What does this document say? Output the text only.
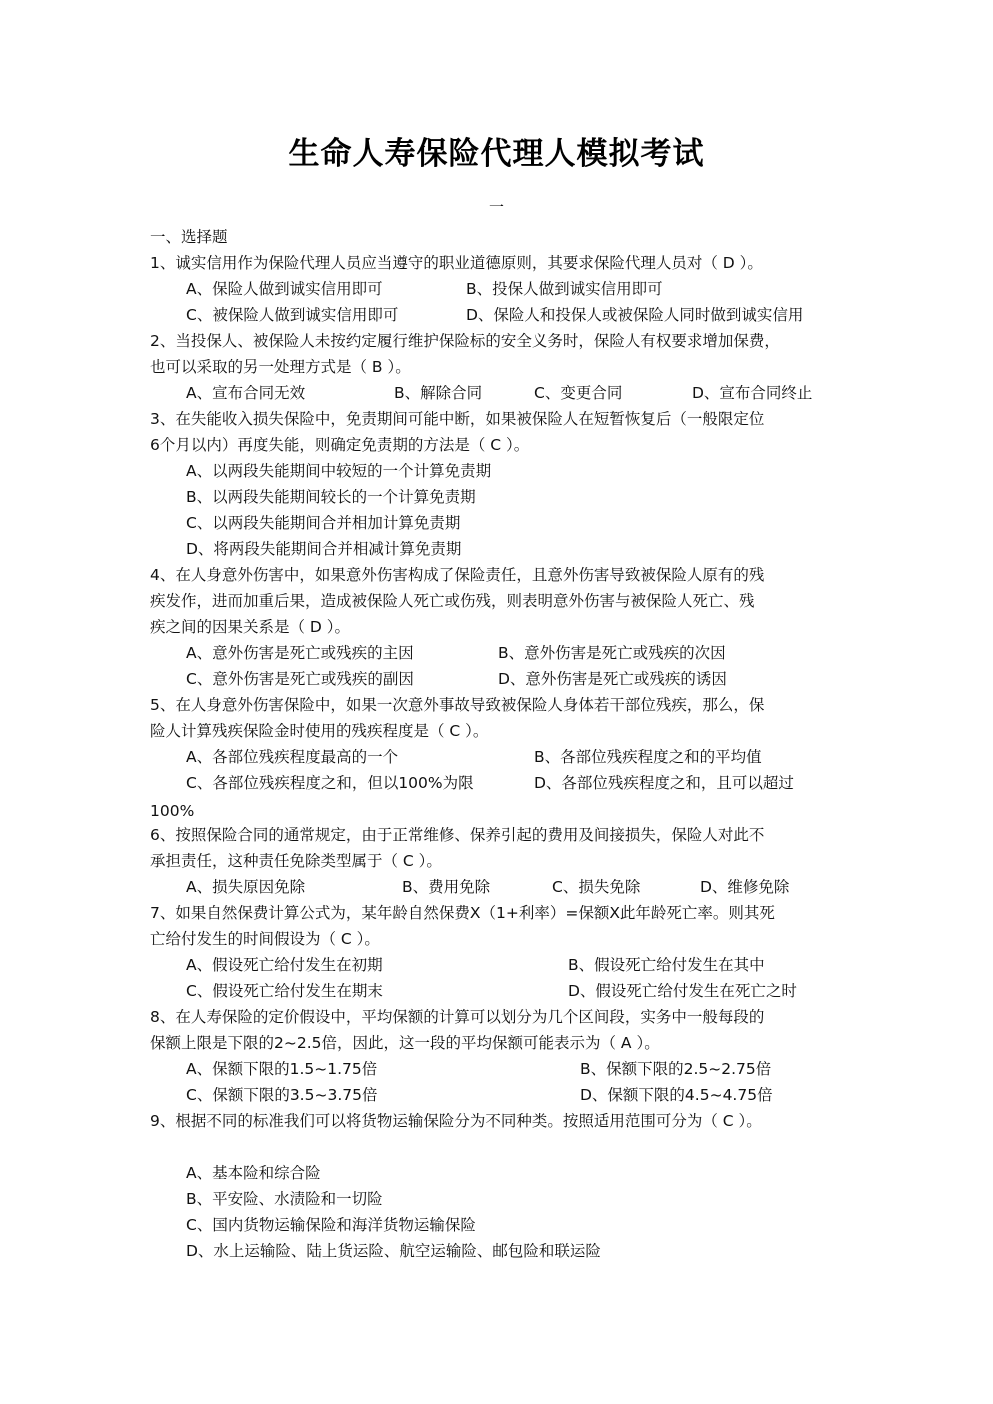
生命人寿保险代理人模拟考试
一
一、选择题
1、诚实信用作为保险代理人员应当遵守的职业道德原则，其要求保险代理人员对（ D ）。
A、保险人做到诚实信用即可	B、投保人做到诚实信用即可
C、被保险人做到诚实信用即可	D、保险人和投保人或被保险人同时做到诚实信用
2、当投保人、被保险人未按约定履行维护保险标的安全义务时，保险人有权要求增加保费，
也可以采取的另一处理方式是（ B ）。
A、宣布合同无效	B、解除合同	C、变更合同	D、宣布合同终止
3、在失能收入损失保险中，免责期间可能中断，如果被保险人在短暂恢复后（一般限定位
6个月以内）再度失能，则确定免责期的方法是（ C ）。
A、以两段失能期间中较短的一个计算免责期
B、以两段失能期间较长的一个计算免责期
C、以两段失能期间合并相加计算免责期
D、将两段失能期间合并相减计算免责期
4、在人身意外伤害中，如果意外伤害构成了保险责任，且意外伤害导致被保险人原有的残
疾发作，进而加重后果，造成被保险人死亡或伤残，则表明意外伤害与被保险人死亡、残
疾之间的因果关系是（ D ）。
A、意外伤害是死亡或残疾的主因	B、意外伤害是死亡或残疾的次因
C、意外伤害是死亡或残疾的副因	D、意外伤害是死亡或残疾的诱因
5、在人身意外伤害保险中，如果一次意外事故导致被保险人身体若干部位残疾，那么，保
险人计算残疾保险金时使用的残疾程度是（ C ）。
A、各部位残疾程度最高的一个	B、各部位残疾程度之和的平均值
C、各部位残疾程度之和，但以100%为限	D、各部位残疾程度之和，且可以超过
100%
6、按照保险合同的通常规定，由于正常维修、保养引起的费用及间接损失，保险人对此不
承担责任，这种责任免除类型属于（ C ）。
A、损失原因免除	B、费用免除	C、损失免除	D、维修免除
7、如果自然保费计算公式为，某年龄自然保费X（1+利率）=保额X此年龄死亡率。则其死
亡给付发生的时间假设为（ C ）。
A、假设死亡给付发生在初期	B、假设死亡给付发生在其中
C、假设死亡给付发生在期末	D、假设死亡给付发生在死亡之时
8、在人寿保险的定价假设中，平均保额的计算可以划分为几个区间段，实务中一般每段的
保额上限是下限的2~2.5倍，因此，这一段的平均保额可能表示为（ A ）。
A、保额下限的1.5~1.75倍	B、保额下限的2.5~2.75倍
C、保额下限的3.5~3.75倍	D、保额下限的4.5~4.75倍
9、根据不同的标准我们可以将货物运输保险分为不同种类。按照适用范围可分为（ C ）。
A、基本险和综合险
B、平安险、水渍险和一切险
C、国内货物运输保险和海洋货物运输保险
D、水上运输险、陆上货运险、航空运输险、邮包险和联运险
